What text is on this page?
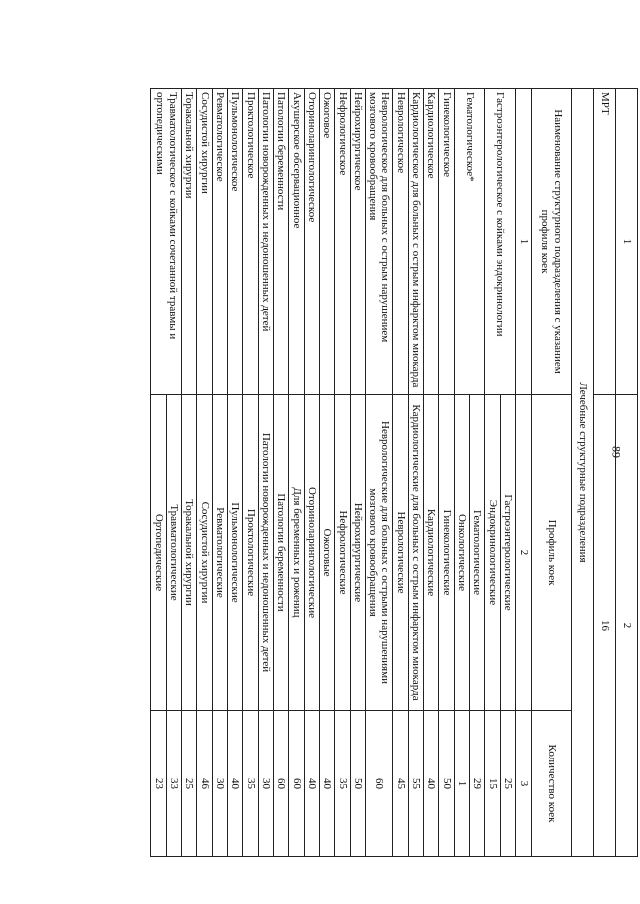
89
1	2	
МРТ	16	
Лечебные структурные подразделения		
Наименование структурного подразделения с указанием профиля коек	Профиль коек	Количество коек
1	2	3
Гастроэнтерологическое с койками эндокринологии	Гастроэнтерологические	25
	Эндокринологические	15
Гематологическое*	Гематологические	29
	Онкологические	1
Гинекологическое	Гинекологические	50
Кардиологическое	Кардиологические	40
Кардиологическое для больных с острым инфарктом миокарда	Кардиологические для больных с острым инфарктом миокарда	55
Неврологическое	Неврологические	45
Неврологическое для больных с острым нарушением мозгового кровообращения	Неврологические для больных с острыми нарушениями мозгового кровообращения	60
Нейрохирургическое	Нейрохирургические	50
Нефрологическое	Нефрологические	35
Ожоговое	Ожоговые	40
Оториноларингологическое	Оториноларингологические	40
Акушерское обсервационное	Для беременных и рожениц	60
Патологии беременности	Патологии беременности	60
Патологии новорожденных и недоношенных детей	Патологии новорожденных и недоношенных детей	30
Проктологическое	Проктологические	35
Пульмонологическое	Пульмонологические	40
Ревматологическое	Ревматологические	30
Сосудистой хирургии	Сосудистой хирургии	46
Торакальной хирургии	Торакальной хирургии	25
Травматологическое с койками сочетанной травмы и ортопедическими	Травматологические	33
	Ортопедические	23
